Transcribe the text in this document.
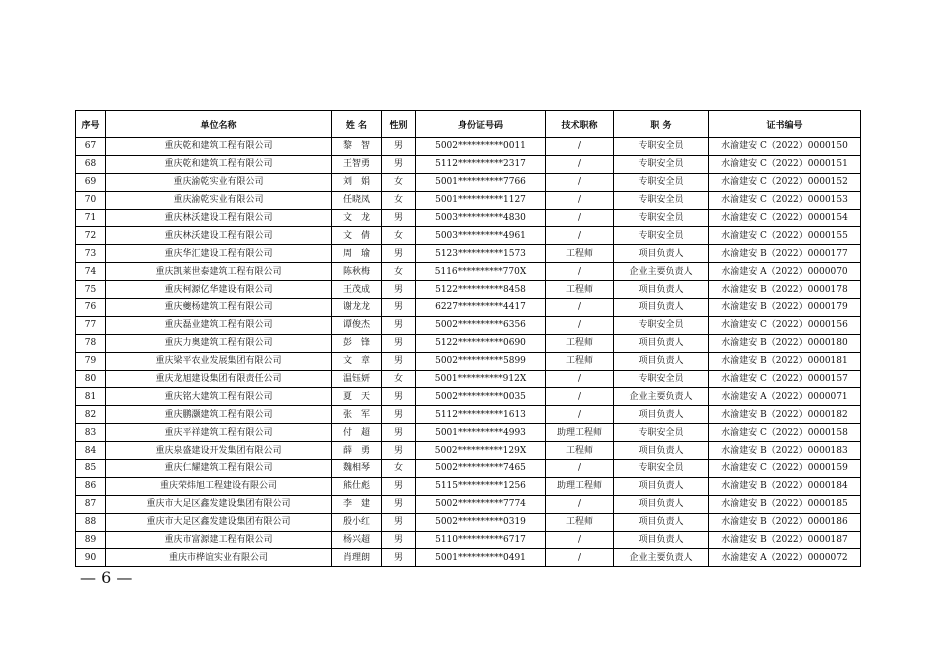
序号	单位名称	姓 名	性别	身份证号码	技术职称	职 务	证书编号
67	重庆乾和建筑工程有限公司	黎　智	男	5002**********0011	/	专职安全员	水渝建安 C（2022）0000150
68	重庆乾和建筑工程有限公司	王智勇	男	5112**********2317	/	专职安全员	水渝建安 C（2022）0000151
69	重庆渝乾实业有限公司	刘　娟	女	5001**********7766	/	专职安全员	水渝建安 C（2022）0000152
70	重庆渝乾实业有限公司	任晓凤	女	5001**********1127	/	专职安全员	水渝建安 C（2022）0000153
71	重庆林沃建设工程有限公司	文　龙	男	5003**********4830	/	专职安全员	水渝建安 C（2022）0000154
72	重庆林沃建设工程有限公司	文　倩	女	5003**********4961	/	专职安全员	水渝建安 C（2022）0000155
73	重庆华汇建设工程有限公司	周　瑜	男	5123**********1573	工程师	项目负责人	水渝建安 B（2022）0000177
74	重庆凯莱世泰建筑工程有限公司	陈秋梅	女	5116**********770X	/	企业主要负责人	水渝建安 A（2022）0000070
75	重庆柯源亿华建设有限公司	王茂成	男	5122**********8458	工程师	项目负责人	水渝建安 B（2022）0000178
76	重庆夔杨建筑工程有限公司	谢龙龙	男	6227**********4417	/	项目负责人	水渝建安 B（2022）0000179
77	重庆磊业建筑工程有限公司	谭俊杰	男	5002**********6356	/	专职安全员	水渝建安 C（2022）0000156
78	重庆力奥建筑工程有限公司	彭　锋	男	5122**********0690	工程师	项目负责人	水渝建安 B（2022）0000180
79	重庆梁平农业发展集团有限公司	文　章	男	5002**********5899	工程师	项目负责人	水渝建安 B（2022）0000181
80	重庆龙旭建设集团有限责任公司	温钰妍	女	5001**********912X	/	专职安全员	水渝建安 C（2022）0000157
81	重庆铭大建筑工程有限公司	夏　天	男	5002**********0035	/	企业主要负责人	水渝建安 A（2022）0000071
82	重庆鹏灏建筑工程有限公司	张　军	男	5112**********1613	/	项目负责人	水渝建安 B（2022）0000182
83	重庆平祥建筑工程有限公司	付　超	男	5001**********4993	助理工程师	专职安全员	水渝建安 C（2022）0000158
84	重庆泉盛建设开发集团有限公司	薛　勇	男	5002**********129X	工程师	项目负责人	水渝建安 B（2022）0000183
85	重庆仁耀建筑工程有限公司	魏相琴	女	5002**********7465	/	专职安全员	水渝建安 C（2022）0000159
86	重庆荣炜旭工程建设有限公司	熊仕彪	男	5115**********1256	助理工程师	项目负责人	水渝建安 B（2022）0000184
87	重庆市大足区鑫发建设集团有限公司	李　建	男	5002**********7774	/	项目负责人	水渝建安 B（2022）0000185
88	重庆市大足区鑫发建设集团有限公司	殷小红	男	5002**********0319	工程师	项目负责人	水渝建安 B（2022）0000186
89	重庆市富源建工程有限公司	杨兴超	男	5110**********6717	/	项目负责人	水渝建安 B（2022）0000187
90	重庆市桦谊实业有限公司	肖理朗	男	5001**********0491	/	企业主要负责人	水渝建安 A（2022）0000072
— 6 —
